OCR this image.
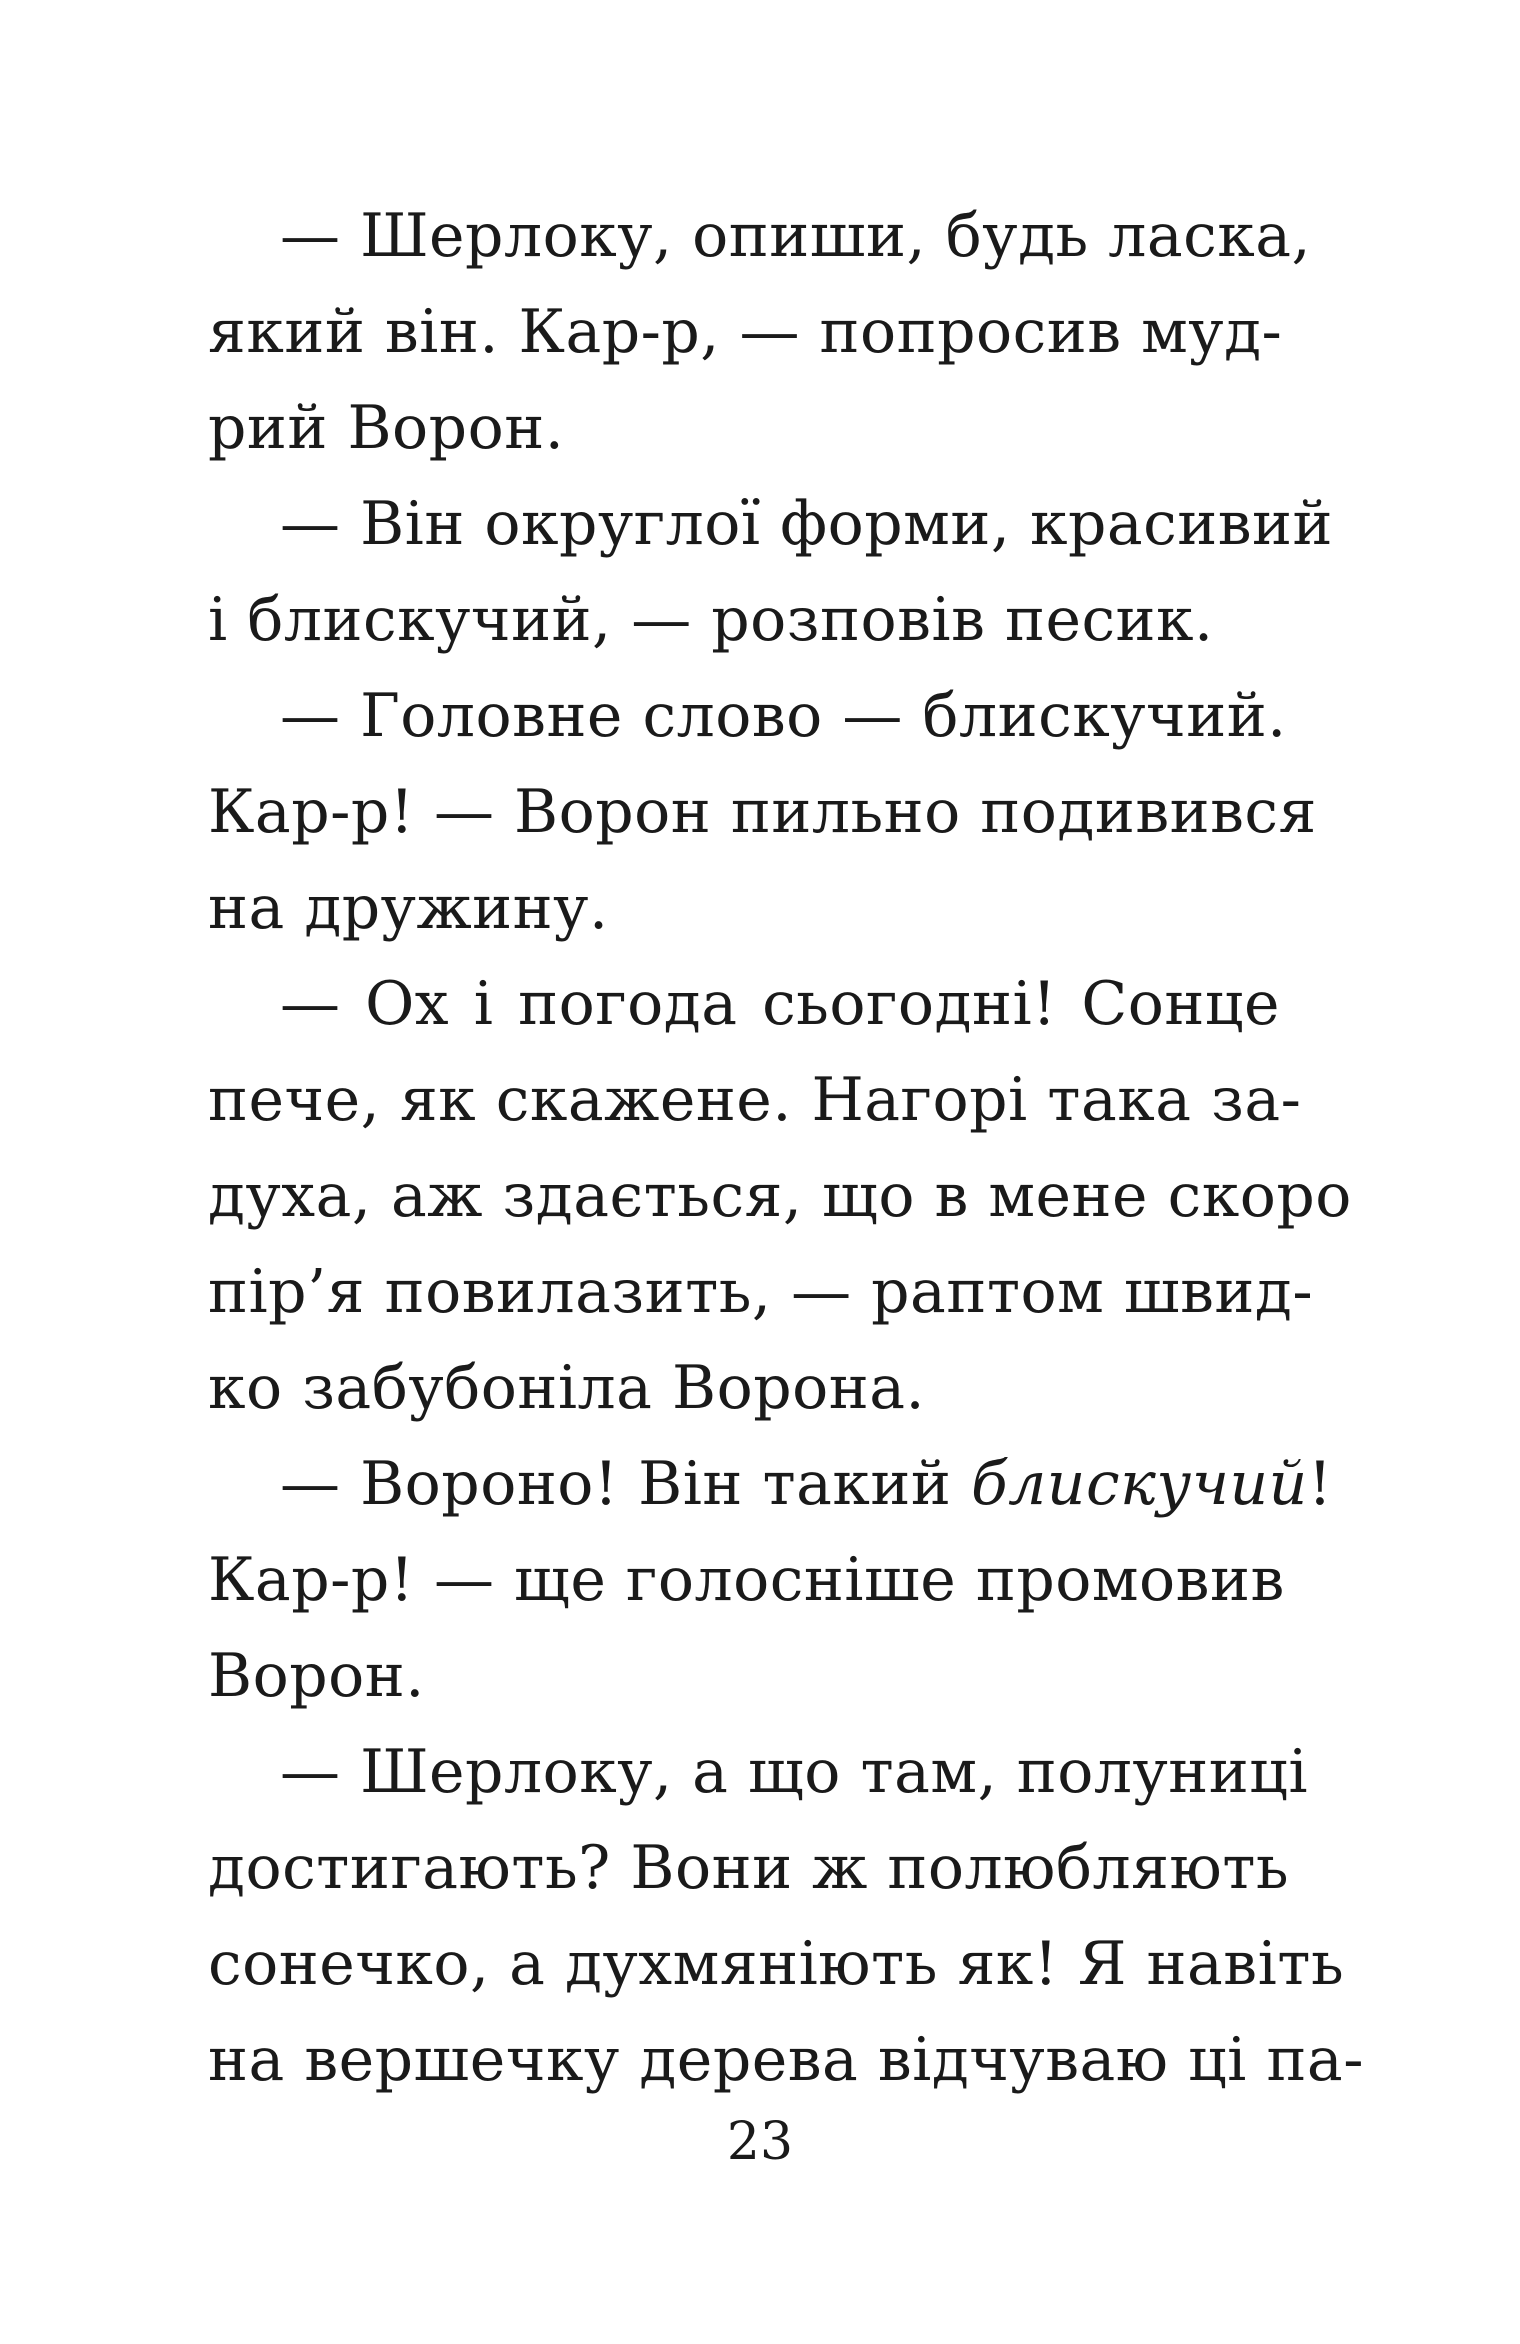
— Шерлоку, опиши, будь ласка,
який він. Кар-р, — попросив муд-
рий Ворон.
— Він округлої форми, красивий
і блискучий, — розповів песик.
— Головне слово — блискучий.
Кар-р! — Ворон пильно подивився
на дружину.
— Ох і погода сьогодні! Сонце
пече, як скажене. Нагорі така за-
духа, аж здається, що в мене скоро
пір’я повилазить, — раптом швид-
ко забубоніла Ворона.
— Вороно! Він такий блискучий!
Кар-р! — ще голосніше промовив
Ворон.
— Шерлоку, а що там, полуниці
достигають? Вони ж полюбляють
сонечко, а духмяніють як! Я навіть
на вершечку дерева відчуваю ці па-
23
